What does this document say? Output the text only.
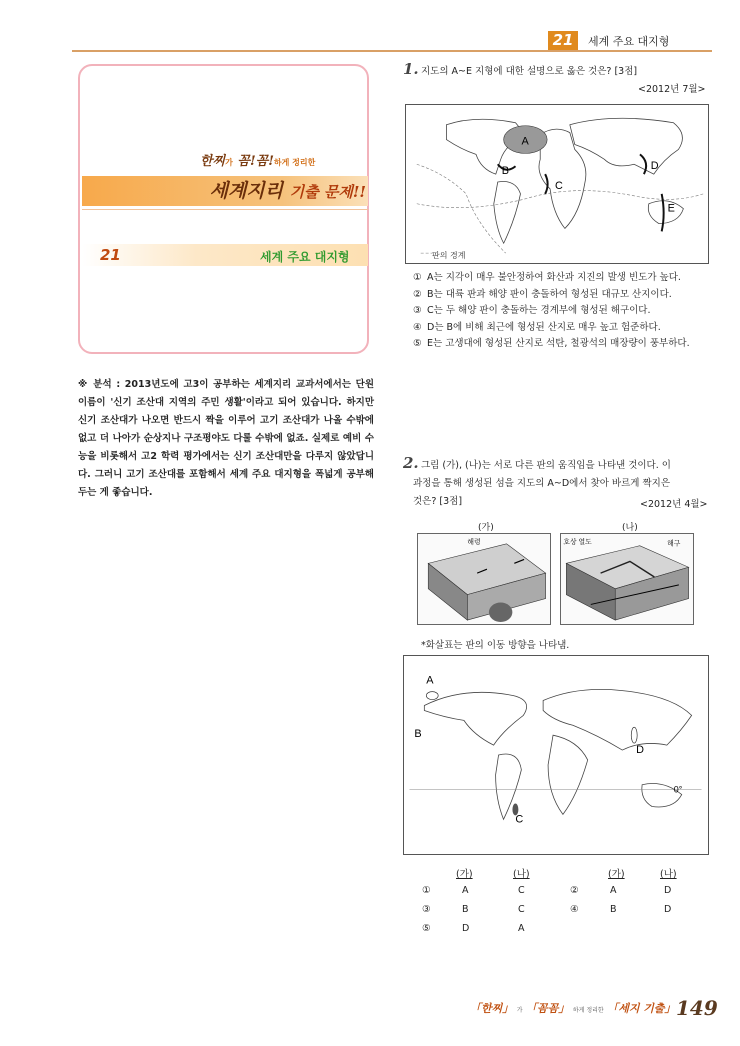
21	세계 주요 대지형
한찌가 꼼!꼼!하게 정리한
세계지리 기출 문제!!
21	세계 주요 대지형
※ 분석 : 2013년도에 고3이 공부하는 세계지리 교과서에서는 단원 이름이 '신기 조산대 지역의 주민 생활'이라고 되어 있습니다. 하지만 신기 조산대가 나오면 반드시 짝을 이루어 고기 조산대가 나올 수밖에 없고 더 나아가 순상지나 구조평야도 다룰 수밖에 없죠. 실제로 예비 수능을 비롯해서 고2 학력 평가에서는 신기 조산대만을 다루지 않았답니다. 그러니 고기 조산대를 포함해서 세계 주요 대지형을 폭넓게 공부해 두는 게 좋습니다.
1. 지도의 A~E 지형에 대한 설명으로 옳은 것은? [3점]
<2012년 7월>
A
B
C
D
E
판의 경계
① A는 지각이 매우 불안정하여 화산과 지진의 발생 빈도가 높다.
② B는 대륙 판과 해양 판이 충돌하여 형성된 대규모 산지이다.
③ C는 두 해양 판이 충돌하는 경계부에 형성된 해구이다.
④ D는 B에 비해 최근에 형성된 산지로 매우 높고 험준하다.
⑤ E는 고생대에 형성된 산지로 석탄, 철광석의 매장량이 풍부하다.
2. 그림 (가), (나)는 서로 다른 판의 움직임을 나타낸 것이다. 이
과정을 통해 생성된 섬을 지도의 A~D에서 찾아 바르게 짝지은
것은? [3점]	<2012년 4월>
(가)	(나)
해령	호상 열도	해구
*화살표는 판의 이동 방향을 나타냄.
A
B
C
D
0°
(가)	(나)	(가)	(나)
①	A	C	②	A	D
③	B	C	④	B	D
⑤	D	A
「한찌」 가 「꼼꼼」 하게 정리한 「세지 기출」 149
